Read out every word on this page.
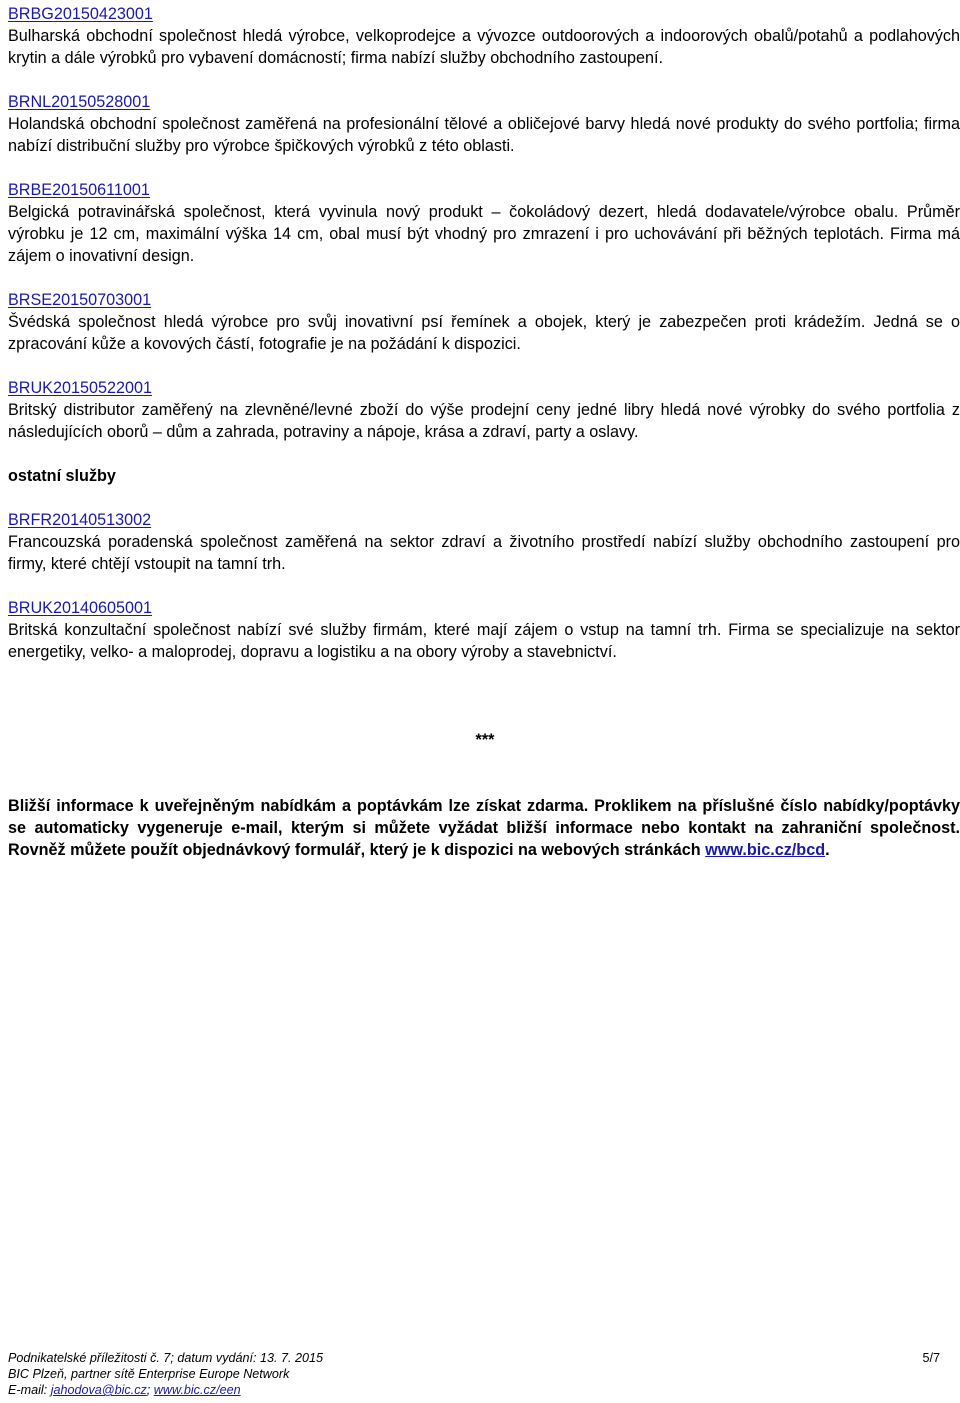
BRBG20150423001
Bulharská obchodní společnost hledá výrobce, velkoprodejce a vývozce outdoorových a indoorových obalů/potahů a podlahových krytin a dále výrobků pro vybavení domácností; firma nabízí služby obchodního zastoupení.
BRNL20150528001
Holandská obchodní společnost zaměřená na profesionální tělové a obličejové barvy hledá nové produkty do svého portfolia; firma nabízí distribuční služby pro výrobce špičkových výrobků z této oblasti.
BRBE20150611001
Belgická potravinářská společnost, která vyvinula nový produkt – čokoládový dezert, hledá dodavatele/výrobce obalu. Průměr výrobku je 12 cm, maximální výška 14 cm, obal musí být vhodný pro zmrazení i pro uchovávání při běžných teplotách. Firma má zájem o inovativní design.
BRSE20150703001
Švédská společnost hledá výrobce pro svůj inovativní psí řemínek a obojek, který je zabezpečen proti krádežím. Jedná se o zpracování kůže a kovových částí, fotografie je na požádání k dispozici.
BRUK20150522001
Britský distributor zaměřený na zlevněné/levné zboží do výše prodejní ceny jedné libry hledá nové výrobky do svého portfolia z následujících oborů – dům a zahrada, potraviny a nápoje, krása a zdraví, party a oslavy.
ostatní služby
BRFR20140513002
Francouzská poradenská společnost zaměřená na sektor zdraví a životního prostředí nabízí služby obchodního zastoupení pro firmy, které chtějí vstoupit na tamní trh.
BRUK20140605001
Britská konzultační společnost nabízí své služby firmám, které mají zájem o vstup na tamní trh. Firma se specializuje na sektor energetiky, velko- a maloprodej, dopravu a logistiku a na obory výroby a stavebnictví.
***
Bližší informace k uveřejněným nabídkám a poptávkám lze získat zdarma. Proklikem na příslušné číslo nabídky/poptávky se automaticky vygeneruje e-mail, kterým si můžete vyžádat bližší informace nebo kontakt na zahraniční společnost. Rovněž můžete použít objednávkový formulář, který je k dispozici na webových stránkách www.bic.cz/bcd.
Podnikatelské příležitosti č. 7; datum vydání: 13. 7. 2015	5/7
BIC Plzeň, partner sítě Enterprise Europe Network
E-mail: jahodova@bic.cz; www.bic.cz/een
